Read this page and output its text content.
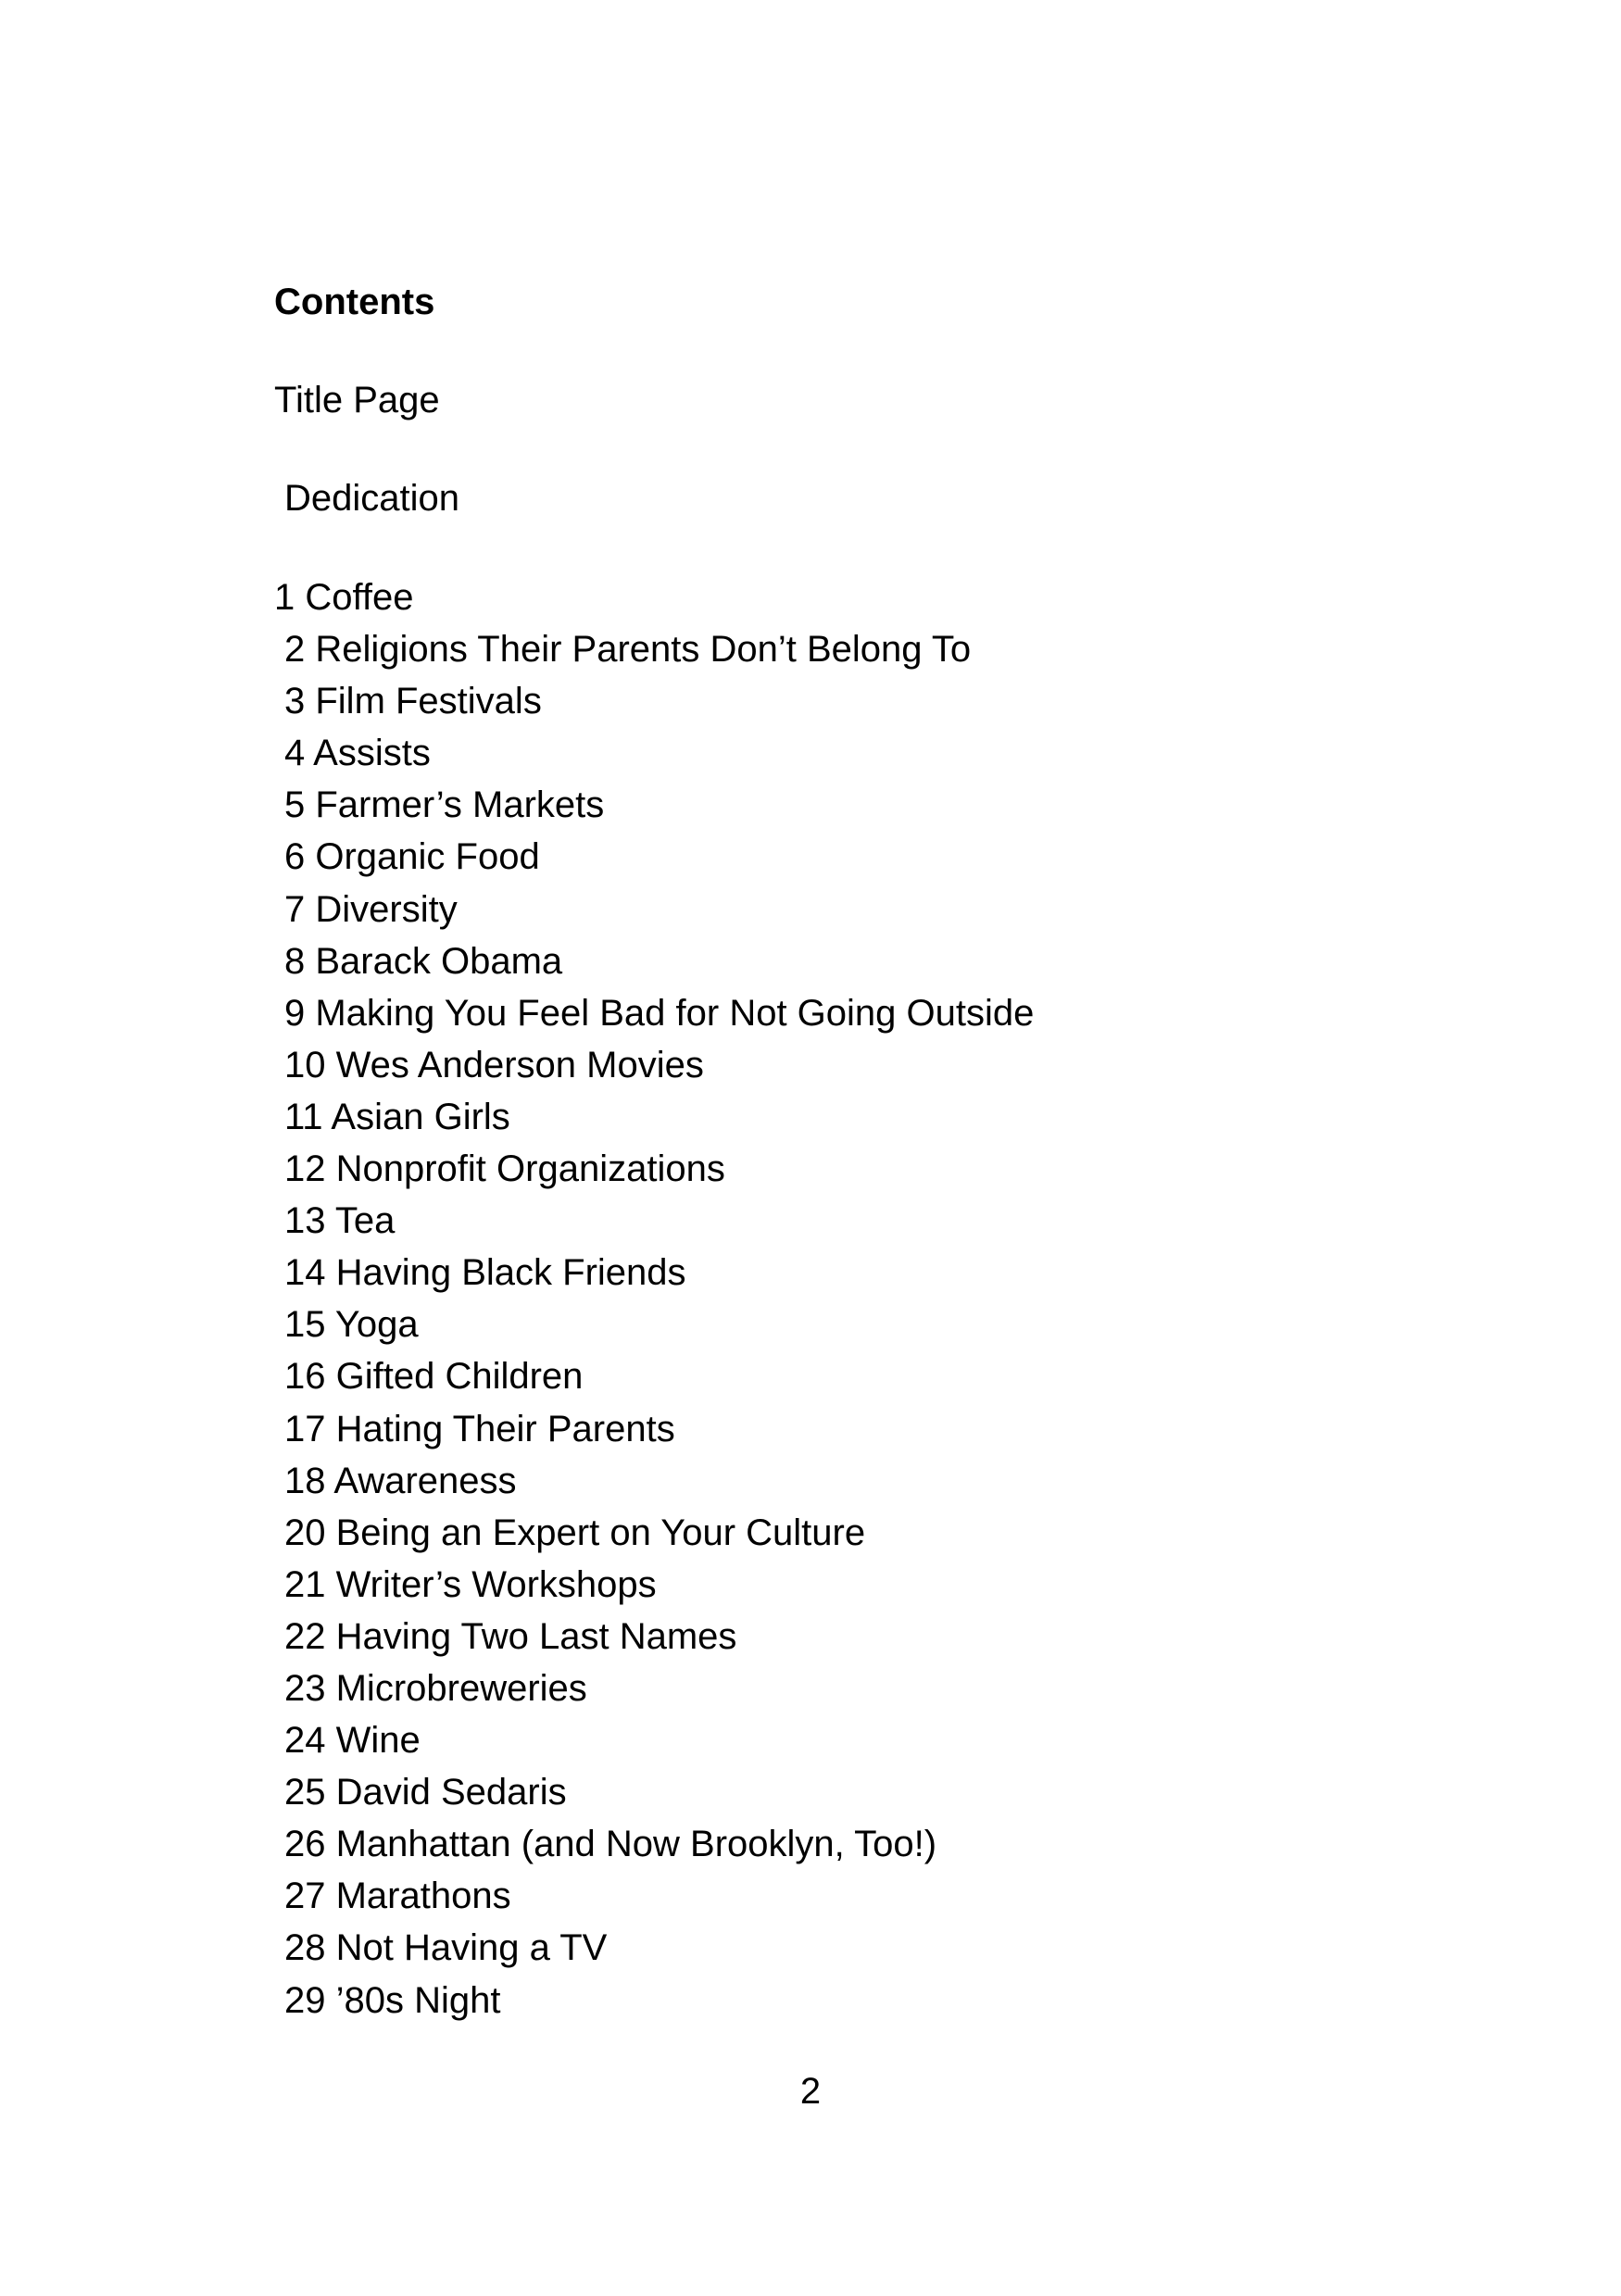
Contents
Title Page
Dedication
1 Coffee
2 Religions Their Parents Don’t Belong To
3 Film Festivals
4 Assists
5 Farmer’s Markets
6 Organic Food
7 Diversity
8 Barack Obama
9 Making You Feel Bad for Not Going Outside
10 Wes Anderson Movies
11 Asian Girls
12 Nonprofit Organizations
13 Tea
14 Having Black Friends
15 Yoga
16 Gifted Children
17 Hating Their Parents
18 Awareness
20 Being an Expert on Your Culture
21 Writer’s Workshops
22 Having Two Last Names
23 Microbreweries
24 Wine
25 David Sedaris
26 Manhattan (and Now Brooklyn, Too!)
27 Marathons
28 Not Having a TV
29 ’80s Night
2
